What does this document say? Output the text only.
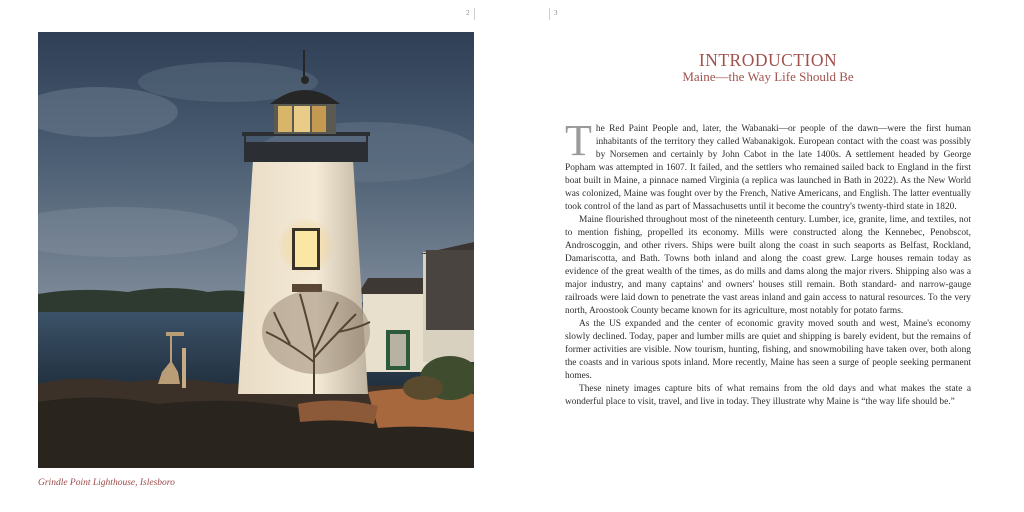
2
Grindle Point Lighthouse, Islesboro
3
INTRODUCTION
Maine—the Way Life Should Be

The Red Paint People and, later, the Wabanaki—or people of the dawn—were the first human inhabitants of the territory they called Wabanakigok. European contact with the coast was possibly by Norsemen and certainly by John Cabot in the late 1400s. A settlement headed by George Popham was attempted in 1607. It failed, and the settlers who remained sailed back to England in the first boat built in Maine, a pinnace named Virginia (a replica was launched in Bath in 2022). As the New World was colonized, Maine was fought over by the French, Native Americans, and English. The latter eventually took control of the land as part of Massachusetts until it become the country's twenty-third state in 1820.

Maine flourished throughout most of the nineteenth century. Lumber, ice, granite, lime, and textiles, not to mention fishing, propelled its economy. Mills were constructed along the Kennebec, Penobscot, Androscoggin, and other rivers. Ships were built along the coast in such seaports as Belfast, Rockland, Damariscotta, and Bath. Towns both inland and along the coast grew. Large houses remain today as evidence of the great wealth of the times, as do mills and dams along the major rivers. Shipping also was a major industry, and many captains' and owners' houses still remain. Both standard- and narrow-gauge railroads were laid down to penetrate the vast areas inland and gain access to natural resources. To the very north, Aroostook County became known for its agriculture, most notably for potato farms.

As the US expanded and the center of economic gravity moved south and west, Maine's economy slowly declined. Today, paper and lumber mills are quiet and shipping is barely evident, but the remains of former activities are visible. Now tourism, hunting, fishing, and snowmobiling have taken over, both along the coasts and in various spots inland. More recently, Maine has seen a surge of people seeking permanent homes.

These ninety images capture bits of what remains from the old days and what makes the state a wonderful place to visit, travel, and live in today. They illustrate why Maine is “the way life should be.”
